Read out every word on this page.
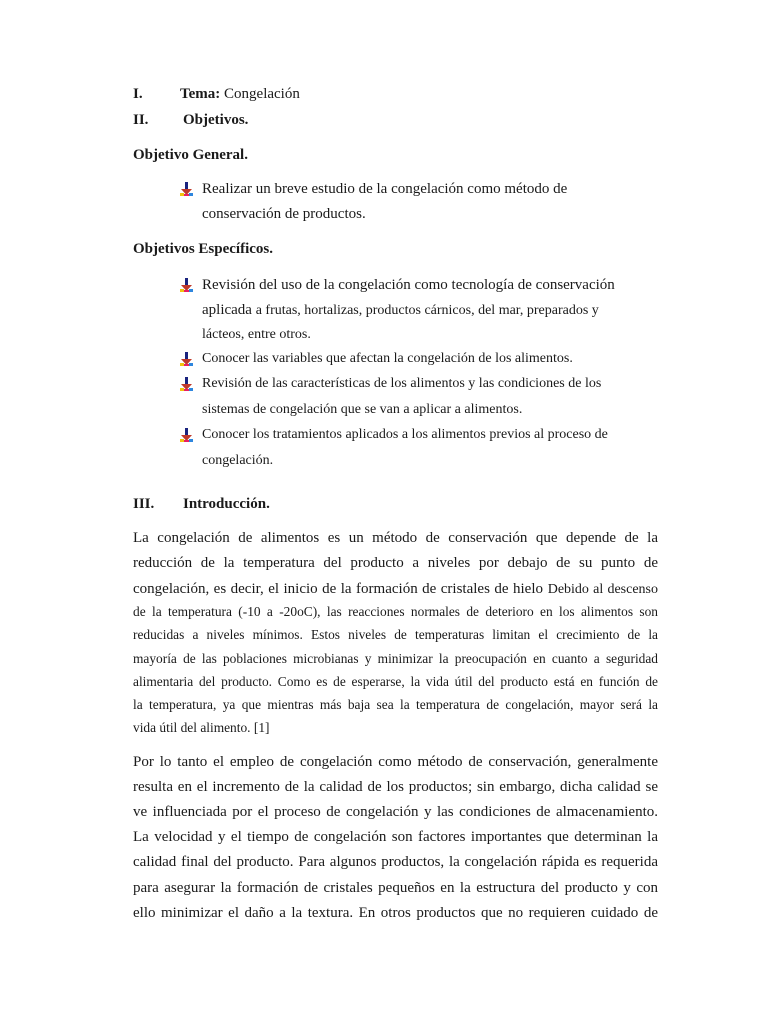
I. Tema: Congelación
II. Objetivos.
Objetivo General.
Realizar un breve estudio de la congelación como método de
conservación de productos.
Objetivos Específicos.
Revisión del uso de la congelación como tecnología de conservación
aplicada a frutas, hortalizas, productos cárnicos, del mar, preparados y
lácteos, entre otros.
Conocer las variables que afectan la congelación de los alimentos.
Revisión de las características de los alimentos y las condiciones de los
sistemas de congelación que se van a aplicar a alimentos.
Conocer los tratamientos aplicados a los alimentos previos al proceso de
congelación.
III. Introducción.
La congelación de alimentos es un método de conservación que depende de la
reducción de la temperatura del producto a niveles por debajo de su punto de
congelación, es decir, el inicio de la formación de cristales de hielo Debido al descenso
de la temperatura (-10 a -20oC), las reacciones normales de deterioro en los alimentos son
reducidas a niveles mínimos. Estos niveles de temperaturas limitan el crecimiento de la
mayoría de las poblaciones microbianas y minimizar la preocupación en cuanto a seguridad
alimentaria del producto. Como es de esperarse, la vida útil del producto está en función de
la temperatura, ya que mientras más baja sea la temperatura de congelación, mayor será la
vida útil del alimento. [1]
Por lo tanto el empleo de congelación como método de conservación, generalmente
resulta en el incremento de la calidad de los productos; sin embargo, dicha calidad se
ve influenciada por el proceso de congelación y las condiciones de almacenamiento.
La velocidad y el tiempo de congelación son factores importantes que determinan la
calidad final del producto. Para algunos productos, la congelación rápida es requerida
para asegurar la formación de cristales pequeños en la estructura del producto y con
ello minimizar el daño a la textura. En otros productos que no requieren cuidado de
